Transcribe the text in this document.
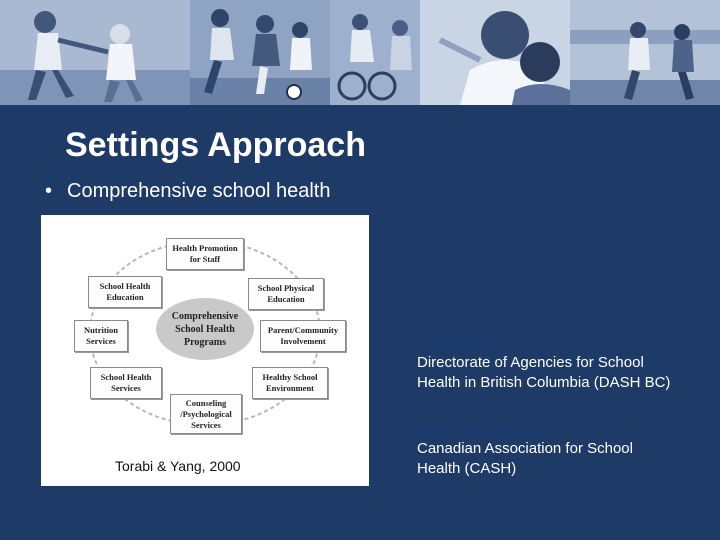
Settings Approach
• Comprehensive school health
Comprehensive
School Health
Programs
Health Promotion
for Staff
School Physical
Education
Parent/Community
Involvement
Healthy School
Environment
Counseling
/Psychological
Services
School Health
Services
Nutrition
Services
School Health
Education
Torabi & Yang, 2000
www.dashbc.ca
Directorate of Agencies for School
Health in British Columbia (DASH BC)
www.cash-aces.ca
Canadian Association for School
Health (CASH)
